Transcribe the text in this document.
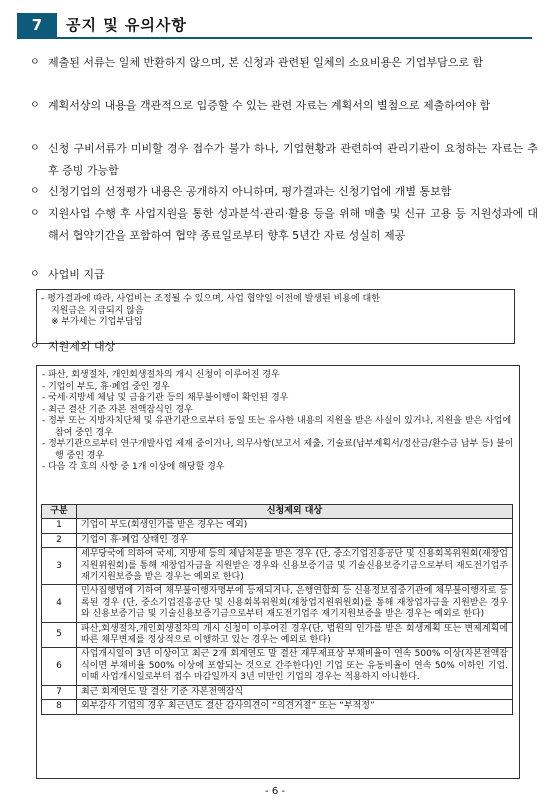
7	공지 및 유의사항
ㅇ 제출된 서류는 일체 반환하지 않으며, 본 신청과 관련된 일체의 소요비용은 기업부담으로 함
ㅇ 계획서상의 내용을 객관적으로 입증할 수 있는 관련 자료는 계획서의 별첨으로 제출하여야 함
ㅇ 신청 구비서류가 미비할 경우 접수가 불가 하나, 기업현황과 관련하여 관리기관이 요청하는 자료는 추후 증빙 가능함
ㅇ 신청기업의 선정평가 내용은 공개하지 아니하며, 평가결과는 신청기업에 개별 통보함
ㅇ 지원사업 수행 후 사업지원을 통한 성과분석·관리·활용 등을 위해 매출 및 신규 고용 등 지원성과에 대해서 협약기간을 포함하여 협약 종료일로부터 향후 5년간 자료 성실히 제공
ㅇ 사업비 지급

- 평가결과에 따라, 사업비는 조정될 수 있으며, 사업 협약일 이전에 발생된 비용에 대한

지원금은 지급되지 않음

※ 부가세는 기업부담임

ㅇ 지원제외 대상

- 파산, 회생절차, 개인회생절차의 개시 신청이 이루어진 경우

- 기업이 부도, 휴·폐업 중인 경우

- 국세·지방세 체납 및 금융기관 등의 채무불이행이 확인된 경우

- 최근 결산 기준 자본 전액잠식인 경우

- 정부 또는 지방자치단체 및 유관기관으로부터 동일 또는 유사한 내용의 지원을 받은 사실이 있거나, 지원을 받은 사업에 참여 중인 경우

- 정부기관으로부터 연구개발사업 제재 중이거나, 의무사항(보고서 제출, 기술료(납부계획서/정산금/환수금 납부 등) 불이행 중인 경우

- 다음 각 호의 사항 중 1개 이상에 해당할 경우

구분	신청제외 대상
1	기업이 부도(회생인가를 받은 경우는 예외)
2	기업이 휴·폐업 상태인 경우
3	세무당국에 의하여 국세, 지방세 등의 체납처분을 받은 경우 (단, 중소기업진흥공단 및 신용회복위원회(재창업지원위원회)를 통해 재창업자금을 지원받은 경우와 신용보증기금 및 기술신용보증기금으로부터 재도전기업주 재기지원보증을 받은 경우는 예외로 한다)
4	민사집행법에 기하여 채무불이행자명부에 등재되거나, 은행연합회 등 신용정보집중기관에 채무불이행자로 등록된 경우 (단, 중소기업진흥공단 및 신용회복위원회(재창업지원위원회)를 통해 재창업자금을 지원받은 경우와 신용보증기금 및 기술신용보증기금으로부터 재도전기업주 재기지원보증을 받은 경우는 예외로 한다)
5	파산,회생절차,개인회생절차의 개시 신청이 이루어진 경우(단, 법원의 인가를 받은 회생계획 또는 변제계획에 따른 채무변제를 정상적으로 이행하고 있는 경우는 예외로 한다)
6	사업개시일이 3년 이상이고 최근 2개 회계연도 말 결산 재무제표상 부채비율이 연속 500% 이상(자본전액잠식이면 부채비율 500% 이상에 포함되는 것으로 간주한다)인 기업 또는 유동비율이 연속 50% 이하인 기업. 이때 사업개시일로부터 접수 마감일까지 3년 미만인 기업의 경우는 적용하지 아니한다.
7	최근 회계연도 말 결산 기준 자본전액잠식
8	외부감사 기업의 경우 최근년도 결산 감사의견이 “의견거절” 또는 “부적정”
- 6 -
